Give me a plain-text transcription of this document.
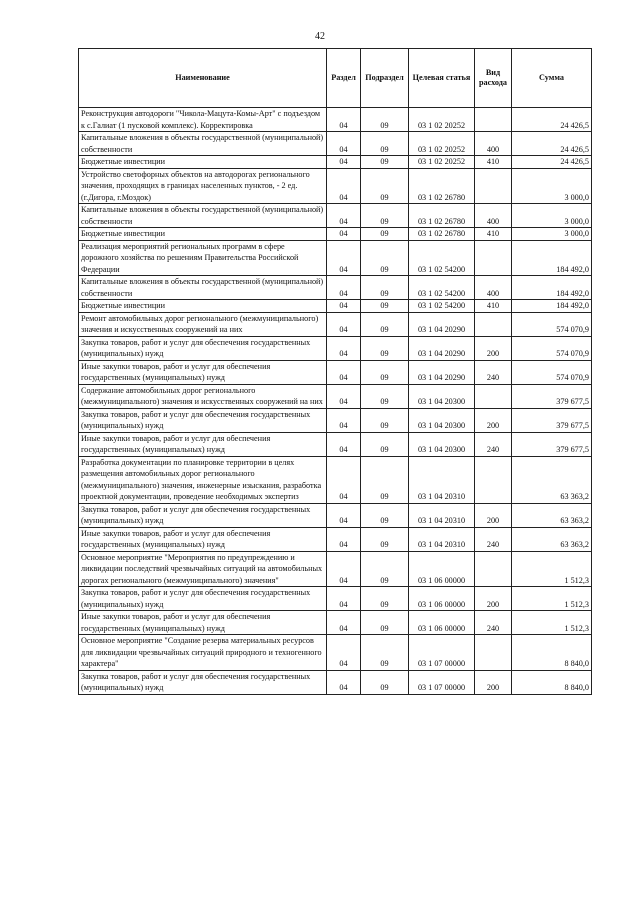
42
Наименование	Раздел	Подраздел	Целевая статья	Вид расхода	Сумма
Реконструкция автодороги "Чикола-Мацута-Комы-Арт" с подъездом к с.Галиат (1 пусковой комплекс). Корректировка	04	09	03 1 02 20252		24 426,5
Капитальные вложения в объекты государственной (муниципальной) собственности	04	09	03 1 02 20252	400	24 426,5
Бюджетные инвестиции	04	09	03 1 02 20252	410	24 426,5
Устройство светофорных объектов на автодорогах регионального значения, проходящих в границах населенных пунктов, - 2 ед. (г.Дигора, г.Моздок)	04	09	03 1 02 26780		3 000,0
Капитальные вложения в объекты государственной (муниципальной) собственности	04	09	03 1 02 26780	400	3 000,0
Бюджетные инвестиции	04	09	03 1 02 26780	410	3 000,0
Реализация мероприятий региональных программ в сфере дорожного хозяйства по решениям Правительства Российской Федерации	04	09	03 1 02 54200		184 492,0
Капитальные вложения в объекты государственной (муниципальной) собственности	04	09	03 1 02 54200	400	184 492,0
Бюджетные инвестиции	04	09	03 1 02 54200	410	184 492,0
Ремонт автомобильных дорог регионального (межмуниципального) значения и искусственных сооружений на них	04	09	03 1 04 20290		574 070,9
Закупка товаров, работ и услуг для обеспечения государственных (муниципальных) нужд	04	09	03 1 04 20290	200	574 070,9
Иные закупки товаров, работ и услуг для обеспечения государственных (муниципальных) нужд	04	09	03 1 04 20290	240	574 070,9
Содержание автомобильных дорог регионального (межмуниципального) значения и искусственных сооружений на них	04	09	03 1 04 20300		379 677,5
Закупка товаров, работ и услуг для обеспечения государственных (муниципальных) нужд	04	09	03 1 04 20300	200	379 677,5
Иные закупки товаров, работ и услуг для обеспечения государственных (муниципальных) нужд	04	09	03 1 04 20300	240	379 677,5
Разработка документации по планировке территории в целях размещения автомобильных дорог регионального (межмуниципального) значения, инженерные изыскания, разработка проектной документации, проведение необходимых экспертиз	04	09	03 1 04 20310		63 363,2
Закупка товаров, работ и услуг для обеспечения государственных (муниципальных) нужд	04	09	03 1 04 20310	200	63 363,2
Иные закупки товаров, работ и услуг для обеспечения государственных (муниципальных) нужд	04	09	03 1 04 20310	240	63 363,2
Основное мероприятие "Мероприятия по предупреждению и ликвидации последствий чрезвычайных ситуаций на автомобильных дорогах регионального (межмуниципального) значения"	04	09	03 1 06 00000		1 512,3
Закупка товаров, работ и услуг для обеспечения государственных (муниципальных) нужд	04	09	03 1 06 00000	200	1 512,3
Иные закупки товаров, работ и услуг для обеспечения государственных (муниципальных) нужд	04	09	03 1 06 00000	240	1 512,3
Основное мероприятие "Создание резерва материальных ресурсов для ликвидации чрезвычайных ситуаций природного и техногенного характера"	04	09	03 1 07 00000		8 840,0
Закупка товаров, работ и услуг для обеспечения государственных (муниципальных) нужд	04	09	03 1 07 00000	200	8 840,0
